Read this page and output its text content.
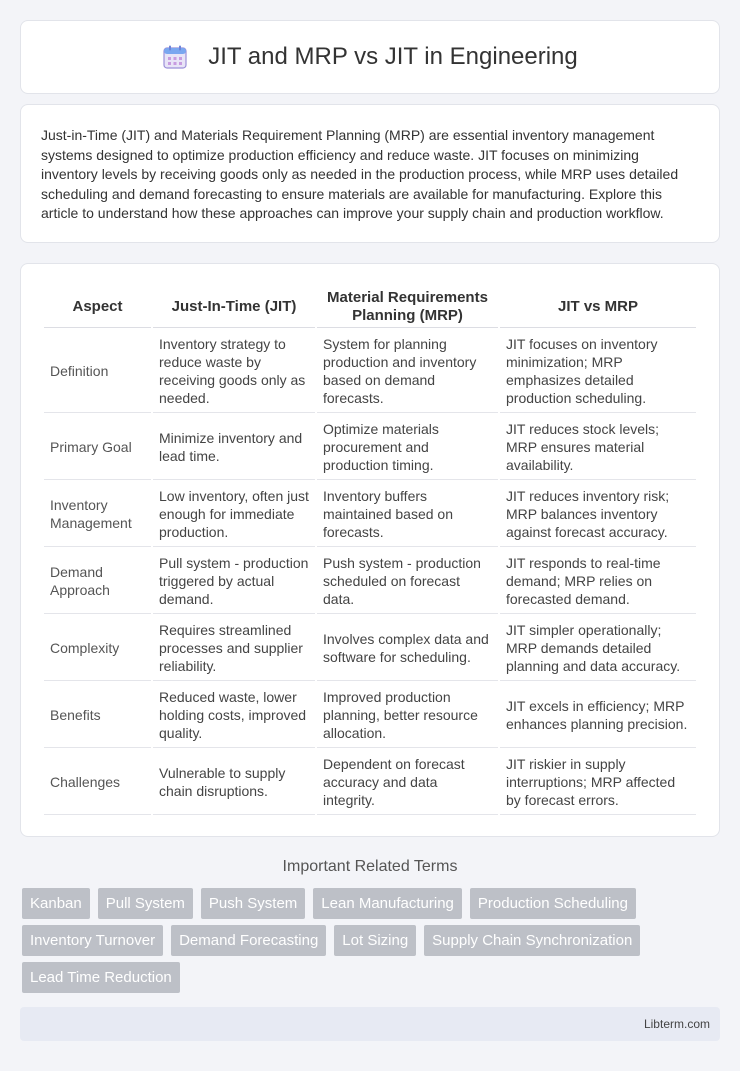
JIT and MRP vs JIT in Engineering

Just-in-Time (JIT) and Materials Requirement Planning (MRP) are essential inventory management systems designed to optimize production efficiency and reduce waste. JIT focuses on minimizing inventory levels by receiving goods only as needed in the production process, while MRP uses detailed scheduling and demand forecasting to ensure materials are available for manufacturing. Explore this article to understand how these approaches can improve your supply chain and production workflow.

Aspect	Just-In-Time (JIT)	Material Requirements Planning (MRP)	JIT vs MRP
Definition	Inventory strategy to reduce waste by receiving goods only as needed.	System for planning production and inventory based on demand forecasts.	JIT focuses on inventory minimization; MRP emphasizes detailed production scheduling.
Primary Goal	Minimize inventory and lead time.	Optimize materials procurement and production timing.	JIT reduces stock levels; MRP ensures material availability.
Inventory Management	Low inventory, often just enough for immediate production.	Inventory buffers maintained based on forecasts.	JIT reduces inventory risk; MRP balances inventory against forecast accuracy.
Demand Approach	Pull system - production triggered by actual demand.	Push system - production scheduled on forecast data.	JIT responds to real-time demand; MRP relies on forecasted demand.
Complexity	Requires streamlined processes and supplier reliability.	Involves complex data and software for scheduling.	JIT simpler operationally; MRP demands detailed planning and data accuracy.
Benefits	Reduced waste, lower holding costs, improved quality.	Improved production planning, better resource allocation.	JIT excels in efficiency; MRP enhances planning precision.
Challenges	Vulnerable to supply chain disruptions.	Dependent on forecast accuracy and data integrity.	JIT riskier in supply interruptions; MRP affected by forecast errors.
Important Related Terms
Kanban	Pull System	Push System	Lean Manufacturing	Production Scheduling
Inventory Turnover	Demand Forecasting	Lot Sizing	Supply Chain Synchronization
Lead Time Reduction
Libterm.com
